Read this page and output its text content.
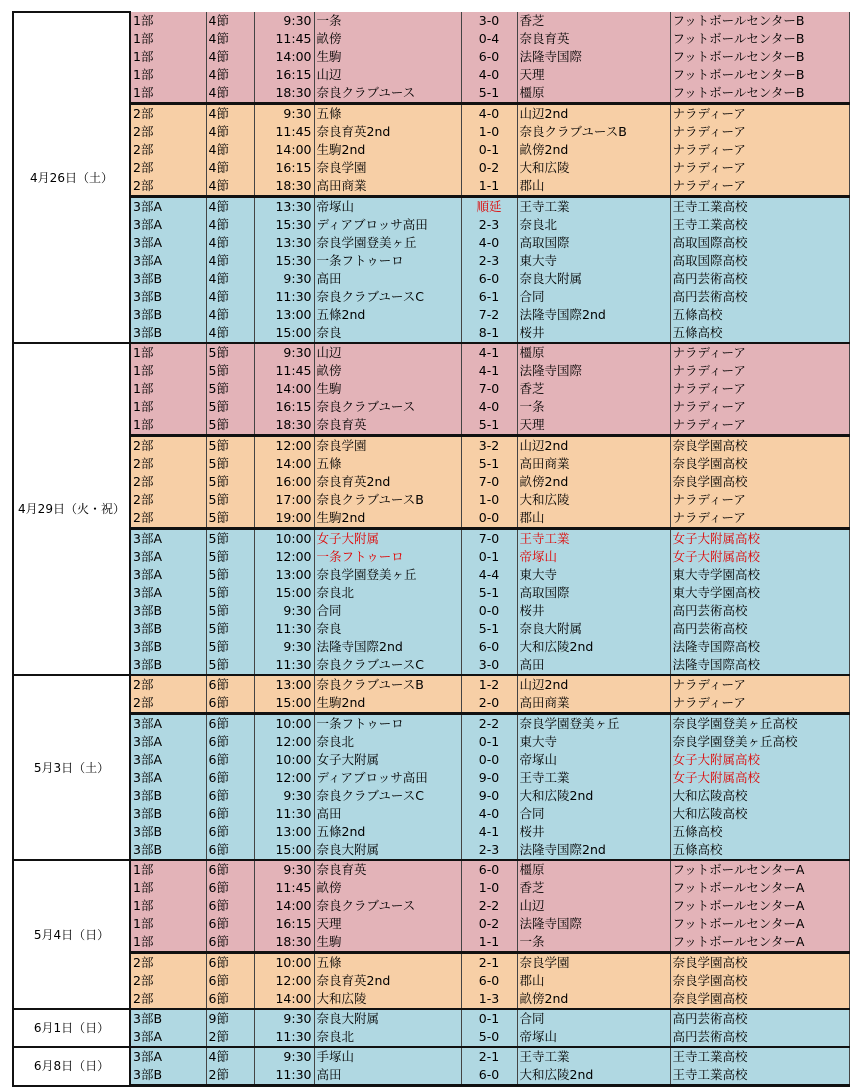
4月26日（土）	1部	4節	9:30	一条	3-0	香芝	フットボールセンターB
	1部	4節	11:45	畝傍	0-4	奈良育英	フットボールセンターB
	1部	4節	14:00	生駒	6-0	法隆寺国際	フットボールセンターB
	1部	4節	16:15	山辺	4-0	天理	フットボールセンターB
	1部	4節	18:30	奈良クラブユース	5-1	橿原	フットボールセンターB
	2部	4節	9:30	五條	4-0	山辺2nd	ナラディーア
	2部	4節	11:45	奈良育英2nd	1-0	奈良クラブユースB	ナラディーア
	2部	4節	14:00	生駒2nd	0-1	畝傍2nd	ナラディーア
	2部	4節	16:15	奈良学園	0-2	大和広陵	ナラディーア
	2部	4節	18:30	高田商業	1-1	郡山	ナラディーア
	3部A	4節	13:30	帝塚山	順延	王寺工業	王寺工業高校
	3部A	4節	15:30	ディアブロッサ高田	2-3	奈良北	王寺工業高校
	3部A	4節	13:30	奈良学園登美ヶ丘	4-0	高取国際	高取国際高校
	3部A	4節	15:30	一条フトゥーロ	2-3	東大寺	高取国際高校
	3部B	4節	9:30	高田	6-0	奈良大附属	高円芸術高校
	3部B	4節	11:30	奈良クラブユースC	6-1	合同	高円芸術高校
	3部B	4節	13:00	五條2nd	7-2	法隆寺国際2nd	五條高校
	3部B	4節	15:00	奈良	8-1	桜井	五條高校
4月29日（火・祝）	1部	5節	9:30	山辺	4-1	橿原	ナラディーア
	1部	5節	11:45	畝傍	4-1	法隆寺国際	ナラディーア
	1部	5節	14:00	生駒	7-0	香芝	ナラディーア
	1部	5節	16:15	奈良クラブユース	4-0	一条	ナラディーア
	1部	5節	18:30	奈良育英	5-1	天理	ナラディーア
	2部	5節	12:00	奈良学園	3-2	山辺2nd	奈良学園高校
	2部	5節	14:00	五條	5-1	高田商業	奈良学園高校
	2部	5節	16:00	奈良育英2nd	7-0	畝傍2nd	奈良学園高校
	2部	5節	17:00	奈良クラブユースB	1-0	大和広陵	ナラディーア
	2部	5節	19:00	生駒2nd	0-0	郡山	ナラディーア
	3部A	5節	10:00	女子大附属	7-0	王寺工業	女子大附属高校
	3部A	5節	12:00	一条フトゥーロ	0-1	帝塚山	女子大附属高校
	3部A	5節	13:00	奈良学園登美ヶ丘	4-4	東大寺	東大寺学園高校
	3部A	5節	15:00	奈良北	5-1	高取国際	東大寺学園高校
	3部B	5節	9:30	合同	0-0	桜井	高円芸術高校
	3部B	5節	11:30	奈良	5-1	奈良大附属	高円芸術高校
	3部B	5節	9:30	法隆寺国際2nd	6-0	大和広陵2nd	法隆寺国際高校
	3部B	5節	11:30	奈良クラブユースC	3-0	高田	法隆寺国際高校
5月3日（土）	2部	6節	13:00	奈良クラブユースB	1-2	山辺2nd	ナラディーア
	2部	6節	15:00	生駒2nd	2-0	高田商業	ナラディーア
	3部A	6節	10:00	一条フトゥーロ	2-2	奈良学園登美ヶ丘	奈良学園登美ヶ丘高校
	3部A	6節	12:00	奈良北	0-1	東大寺	奈良学園登美ヶ丘高校
	3部A	6節	10:00	女子大附属	0-0	帝塚山	女子大附属高校
	3部A	6節	12:00	ディアブロッサ高田	9-0	王寺工業	女子大附属高校
	3部B	6節	9:30	奈良クラブユースC	9-0	大和広陵2nd	大和広陵高校
	3部B	6節	11:30	高田	4-0	合同	大和広陵高校
	3部B	6節	13:00	五條2nd	4-1	桜井	五條高校
	3部B	6節	15:00	奈良大附属	2-3	法隆寺国際2nd	五條高校
5月4日（日）	1部	6節	9:30	奈良育英	6-0	橿原	フットボールセンターA
	1部	6節	11:45	畝傍	1-0	香芝	フットボールセンターA
	1部	6節	14:00	奈良クラブユース	2-2	山辺	フットボールセンターA
	1部	6節	16:15	天理	0-2	法隆寺国際	フットボールセンターA
	1部	6節	18:30	生駒	1-1	一条	フットボールセンターA
	2部	6節	10:00	五條	2-1	奈良学園	奈良学園高校
	2部	6節	12:00	奈良育英2nd	6-0	郡山	奈良学園高校
	2部	6節	14:00	大和広陵	1-3	畝傍2nd	奈良学園高校
6月1日（日）	3部B	9節	9:30	奈良大附属	0-1	合同	高円芸術高校
	3部A	2節	11:30	奈良北	5-0	帝塚山	高円芸術高校
6月8日（日）	3部A	4節	9:30	手塚山	2-1	王寺工業	王寺工業高校
	3部B	2節	11:30	高田	6-0	大和広陵2nd	王寺工業高校
